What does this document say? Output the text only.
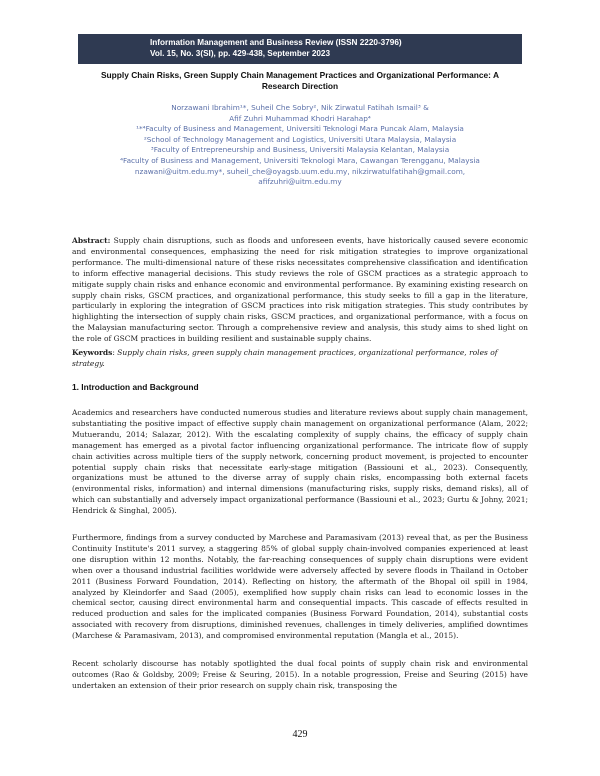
Information Management and Business Review (ISSN 2220-3796)
Vol. 15, No. 3(SI), pp. 429-438, September 2023
Supply Chain Risks, Green Supply Chain Management Practices and Organizational Performance: A
Research Direction
Norzawani Ibrahim¹*, Suheil Che Sobry², Nik Zirwatul Fatihah Ismail³ &
Afif Zuhri Muhammad Khodri Harahap⁴
¹*⁴Faculty of Business and Management, Universiti Teknologi Mara Puncak Alam, Malaysia
²School of Technology Management and Logistics, Universiti Utara Malaysia, Malaysia
³Faculty of Entrepreneurship and Business, Universiti Malaysia Kelantan, Malaysia
⁴Faculty of Business and Management, Universiti Teknologi Mara, Cawangan Terengganu, Malaysia
nzawani@uitm.edu.my*, suheil_che@oyagsb.uum.edu.my, nikzirwatulfatihah@gmail.com,
afifzuhri@uitm.edu.my
Abstract: Supply chain disruptions, such as floods and unforeseen events, have historically caused severe economic and environmental consequences, emphasizing the need for risk mitigation strategies to improve organizational performance. The multi-dimensional nature of these risks necessitates comprehensive classification and identification to inform effective managerial decisions. This study reviews the role of GSCM practices as a strategic approach to mitigate supply chain risks and enhance economic and environmental performance. By examining existing research on supply chain risks, GSCM practices, and organizational performance, this study seeks to fill a gap in the literature, particularly in exploring the integration of GSCM practices into risk mitigation strategies. This study contributes by highlighting the intersection of supply chain risks, GSCM practices, and organizational performance, with a focus on the Malaysian manufacturing sector. Through a comprehensive review and analysis, this study aims to shed light on the role of GSCM practices in building resilient and sustainable supply chains.
Keywords: Supply chain risks, green supply chain management practices, organizational performance, roles of strategy.
1. Introduction and Background
Academics and researchers have conducted numerous studies and literature reviews about supply chain management, substantiating the positive impact of effective supply chain management on organizational performance (Alam, 2022; Mutuerandu, 2014; Salazar, 2012). With the escalating complexity of supply chains, the efficacy of supply chain management has emerged as a pivotal factor influencing organizational performance. The intricate flow of supply chain activities across multiple tiers of the supply network, concerning product movement, is projected to encounter potential supply chain risks that necessitate early-stage mitigation (Bassiouni et al., 2023). Consequently, organizations must be attuned to the diverse array of supply chain risks, encompassing both external facets (environmental risks, information) and internal dimensions (manufacturing risks, supply risks, demand risks), all of which can substantially and adversely impact organizational performance (Bassiouni et al., 2023; Gurtu & Johny, 2021; Hendrick & Singhal, 2005).
Furthermore, findings from a survey conducted by Marchese and Paramasivam (2013) reveal that, as per the Business Continuity Institute's 2011 survey, a staggering 85% of global supply chain-involved companies experienced at least one disruption within 12 months. Notably, the far-reaching consequences of supply chain disruptions were evident when over a thousand industrial facilities worldwide were adversely affected by severe floods in Thailand in October 2011 (Business Forward Foundation, 2014). Reflecting on history, the aftermath of the Bhopal oil spill in 1984, analyzed by Kleindorfer and Saad (2005), exemplified how supply chain risks can lead to economic losses in the chemical sector, causing direct environmental harm and consequential impacts. This cascade of effects resulted in reduced production and sales for the implicated companies (Business Forward Foundation, 2014), substantial costs associated with recovery from disruptions, diminished revenues, challenges in timely deliveries, amplified downtimes (Marchese & Paramasivam, 2013), and compromised environmental reputation (Mangla et al., 2015).
Recent scholarly discourse has notably spotlighted the dual focal points of supply chain risk and environmental outcomes (Rao & Goldsby, 2009; Freise & Seuring, 2015). In a notable progression, Freise and Seuring (2015) have undertaken an extension of their prior research on supply chain risk, transposing the
429
